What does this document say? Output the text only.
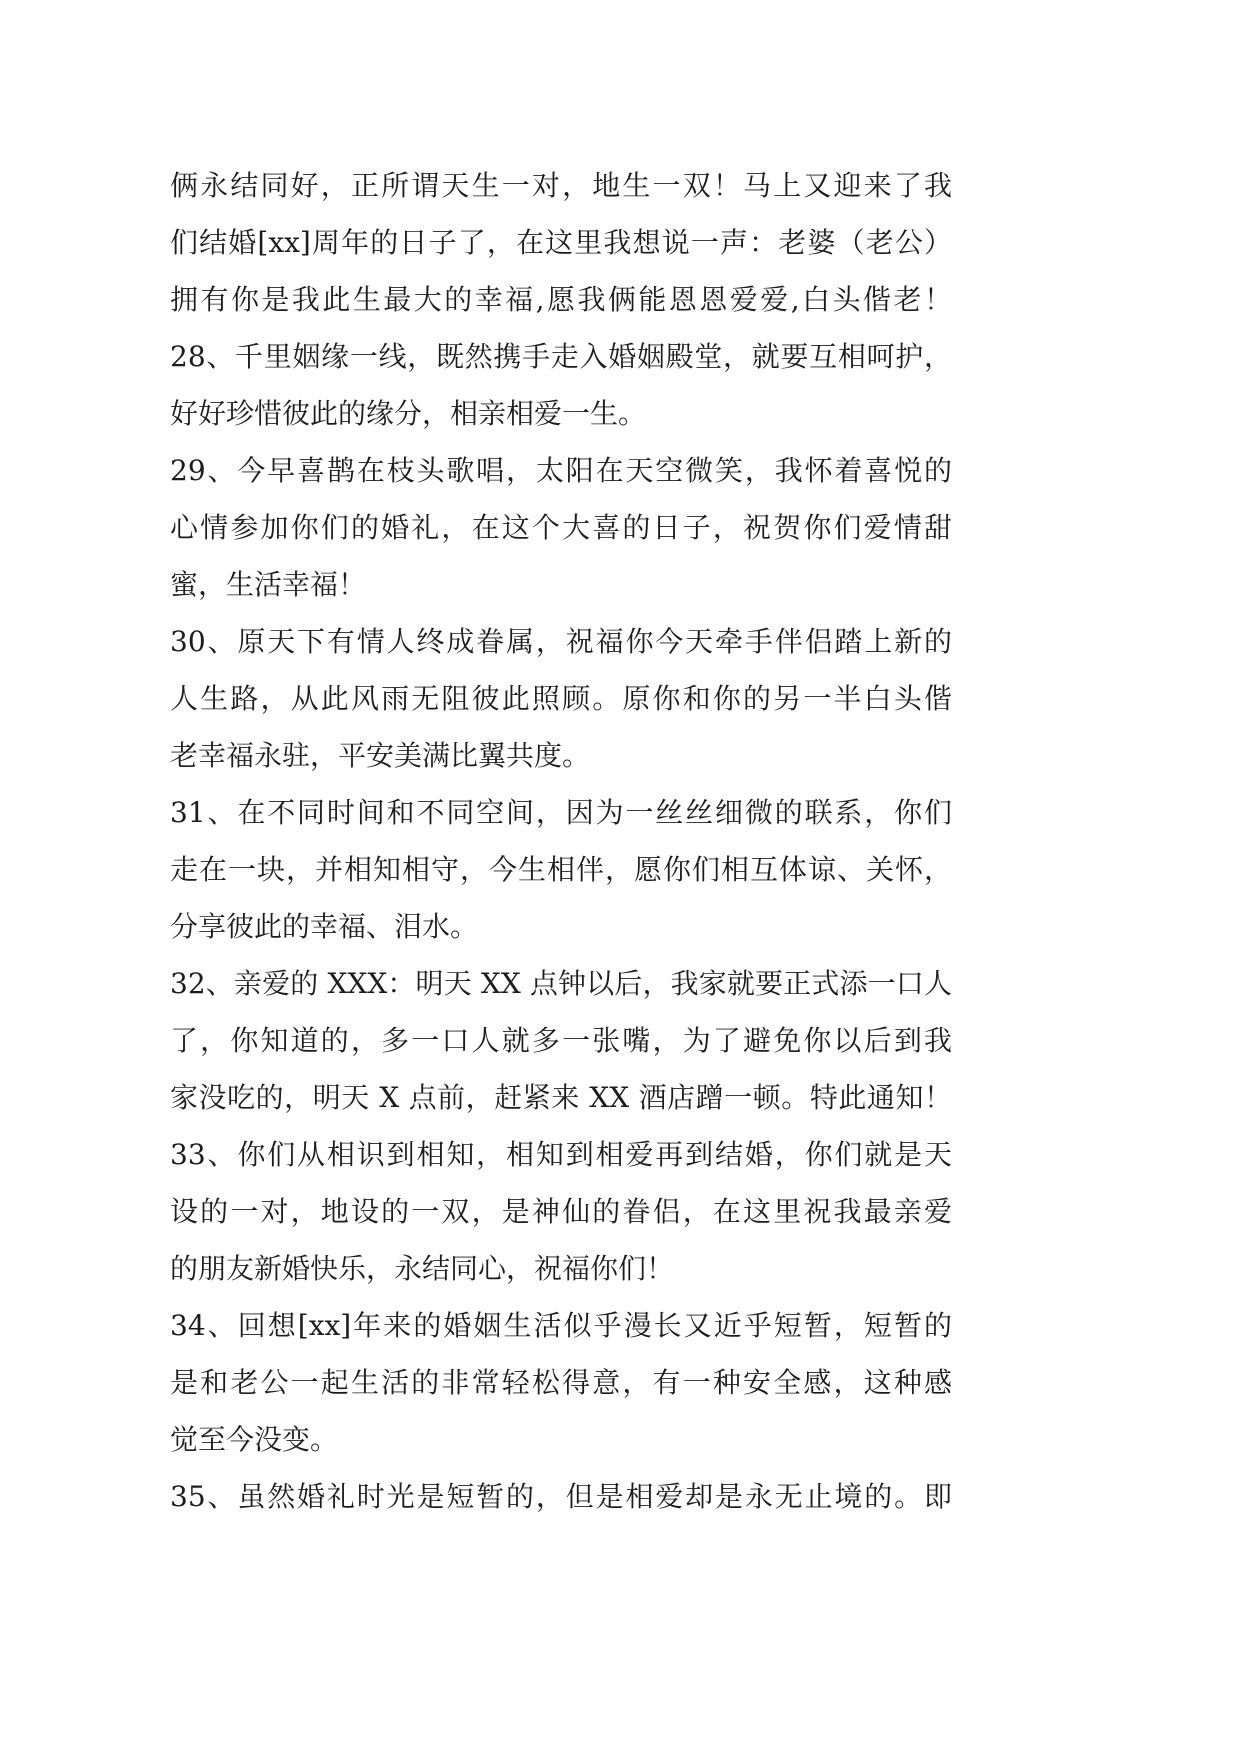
俩永结同好，正所谓天生一对，地生一双！马上又迎来了我
们结婚[xx]周年的日子了，在这里我想说一声：老婆（老公）
拥有你是我此生最大的幸福,愿我俩能恩恩爱爱,白头偕老！
28、千里姻缘一线，既然携手走入婚姻殿堂，就要互相呵护，
好好珍惜彼此的缘分，相亲相爱一生。
29、今早喜鹊在枝头歌唱，太阳在天空微笑，我怀着喜悦的
心情参加你们的婚礼，在这个大喜的日子，祝贺你们爱情甜
蜜，生活幸福！
30、原天下有情人终成眷属，祝福你今天牵手伴侣踏上新的
人生路，从此风雨无阻彼此照顾。原你和你的另一半白头偕
老幸福永驻，平安美满比翼共度。
31、在不同时间和不同空间，因为一丝丝细微的联系，你们
走在一块，并相知相守，今生相伴，愿你们相互体谅、关怀，
分享彼此的幸福、泪水。
32、亲爱的 XXX：明天 XX 点钟以后，我家就要正式添一口人
了，你知道的，多一口人就多一张嘴，为了避免你以后到我
家没吃的，明天 X 点前，赶紧来 XX 酒店蹭一顿。特此通知！
33、你们从相识到相知，相知到相爱再到结婚，你们就是天
设的一对，地设的一双，是神仙的眷侣，在这里祝我最亲爱
的朋友新婚快乐，永结同心，祝福你们！
34、回想[xx]年来的婚姻生活似乎漫长又近乎短暂，短暂的
是和老公一起生活的非常轻松得意，有一种安全感，这种感
觉至今没变。
35、虽然婚礼时光是短暂的，但是相爱却是永无止境的。即
